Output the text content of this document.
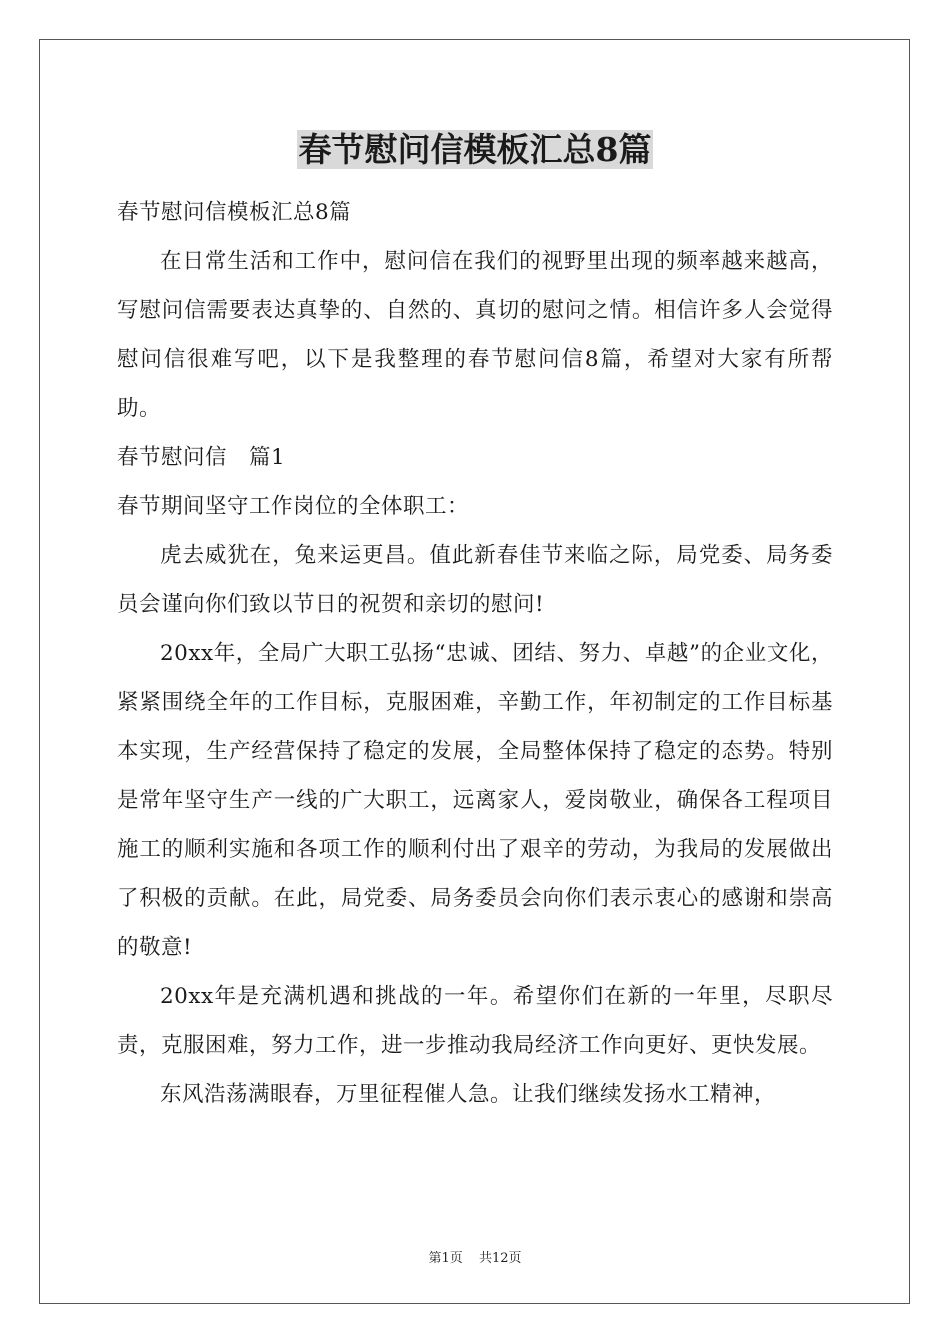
春节慰问信模板汇总8篇

春节慰问信模板汇总8篇

在日常生活和工作中，慰问信在我们的视野里出现的频率越来越高，写慰问信需要表达真挚的、自然的、真切的慰问之情。相信许多人会觉得慰问信很难写吧，以下是我整理的春节慰问信8篇，希望对大家有所帮助。

春节慰问信　篇1

春节期间坚守工作岗位的全体职工：

虎去威犹在，兔来运更昌。值此新春佳节来临之际，局党委、局务委员会谨向你们致以节日的祝贺和亲切的慰问!

20xx年，全局广大职工弘扬“忠诚、团结、努力、卓越”的企业文化，紧紧围绕全年的工作目标，克服困难，辛勤工作，年初制定的工作目标基本实现，生产经营保持了稳定的发展，全局整体保持了稳定的态势。特别是常年坚守生产一线的广大职工，远离家人，爱岗敬业，确保各工程项目施工的顺利实施和各项工作的顺利付出了艰辛的劳动，为我局的发展做出了积极的贡献。在此，局党委、局务委员会向你们表示衷心的感谢和崇高的敬意!

20xx年是充满机遇和挑战的一年。希望你们在新的一年里，尽职尽责，克服困难，努力工作，进一步推动我局经济工作向更好、更快发展。

东风浩荡满眼春，万里征程催人急。让我们继续发扬水工精神，

第1页 共12页
